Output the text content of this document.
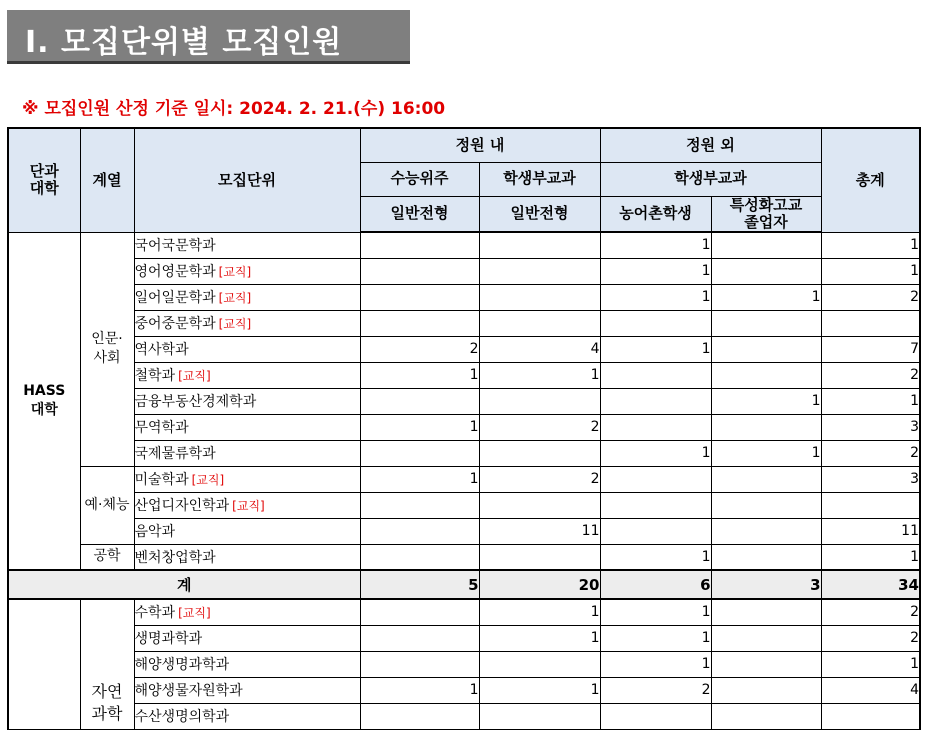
Ⅰ. 모집단위별 모집인원
※ 모집인원 산정 기준 일시: 2024. 2. 21.(수) 16:00
단과
대학	계열	모집단위	정원 내		정원 외		총계
			수능위주	학생부교과	학생부교과		
			일반전형	일반전형	농어촌학생	특성화고교
졸업자	
HASS 대학	인문·사회	국어국문학과			1		1
		영어영문학과 [교직]			1		1
		일어일문학과 [교직]			1	1	2
		중어중문학과 [교직]					
		역사학과	2	4	1		7
		철학과 [교직]	1	1			2
		금융부동산경제학과				1	1
		무역학과	1	2			3
		국제물류학과			1	1	2
	예·체능	미술학과 [교직]	1	2			3
		산업디자인학과 [교직]					
		음악과		11			11
	공학	벤처창업학과			1		1
계			5	20	6	3	34
	자연과학	수학과 [교직]		1	1		2
		생명과학과		1	1		2
		해양생명과학과			1		1
		해양생물자원학과	1	1	2		4
		수산생명의학과					
